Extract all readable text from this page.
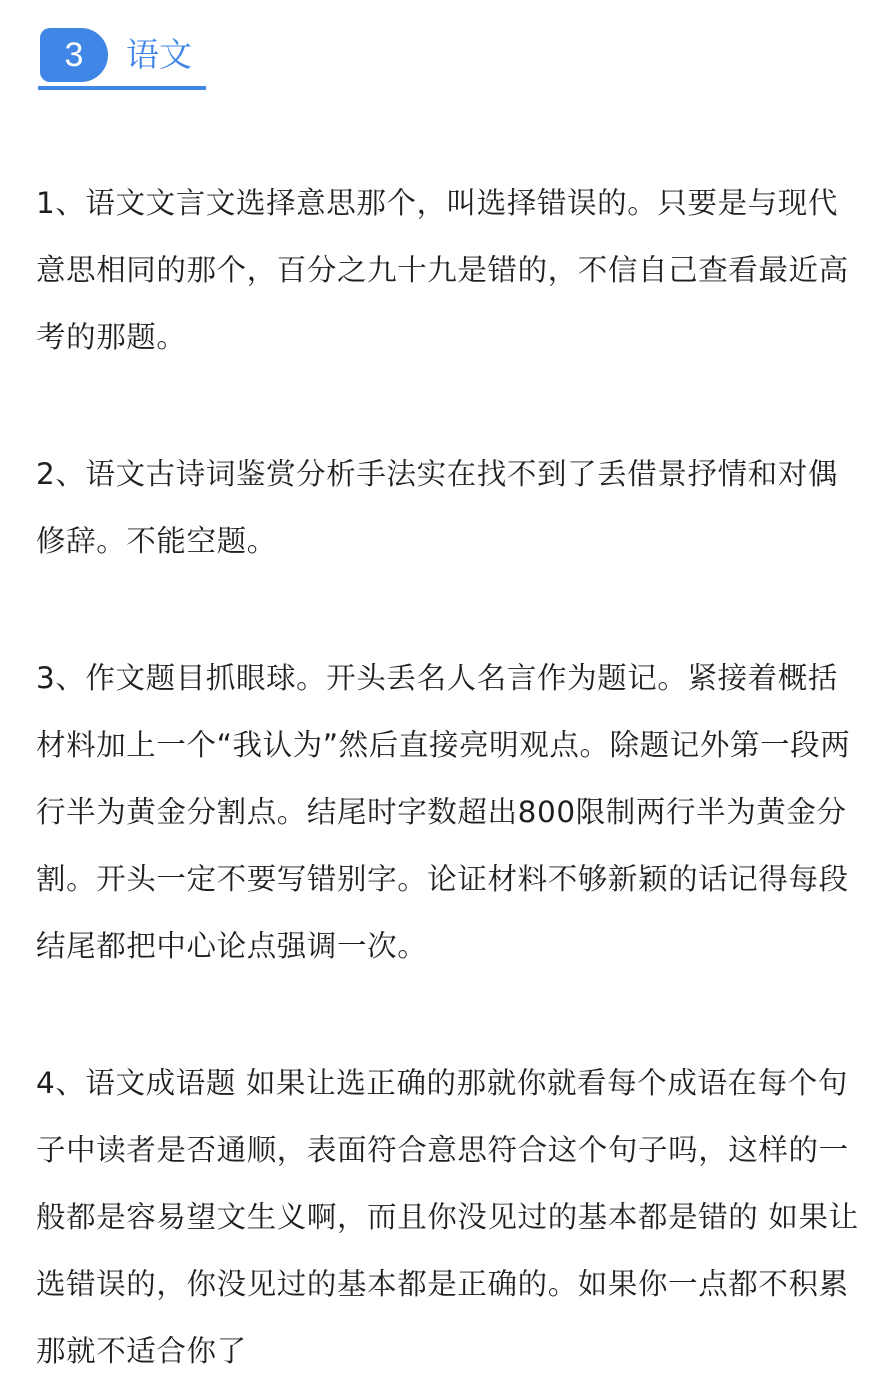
3	语文

1、语文文言文选择意思那个，叫选择错误的。只要是与现代意思相同的那个，百分之九十九是错的，不信自己查看最近高考的那题。

2、语文古诗词鉴赏分析手法实在找不到了丢借景抒情和对偶修辞。不能空题。

3、作文题目抓眼球。开头丢名人名言作为题记。紧接着概括材料加上一个“我认为”然后直接亮明观点。除题记外第一段两行半为黄金分割点。结尾时字数超出800限制两行半为黄金分割。开头一定不要写错别字。论证材料不够新颖的话记得每段结尾都把中心论点强调一次。

4、语文成语题 如果让选正确的那就你就看每个成语在每个句子中读者是否通顺，表面符合意思符合这个句子吗，这样的一般都是容易望文生义啊，而且你没见过的基本都是错的 如果让选错误的，你没见过的基本都是正确的。如果你一点都不积累那就不适合你了
